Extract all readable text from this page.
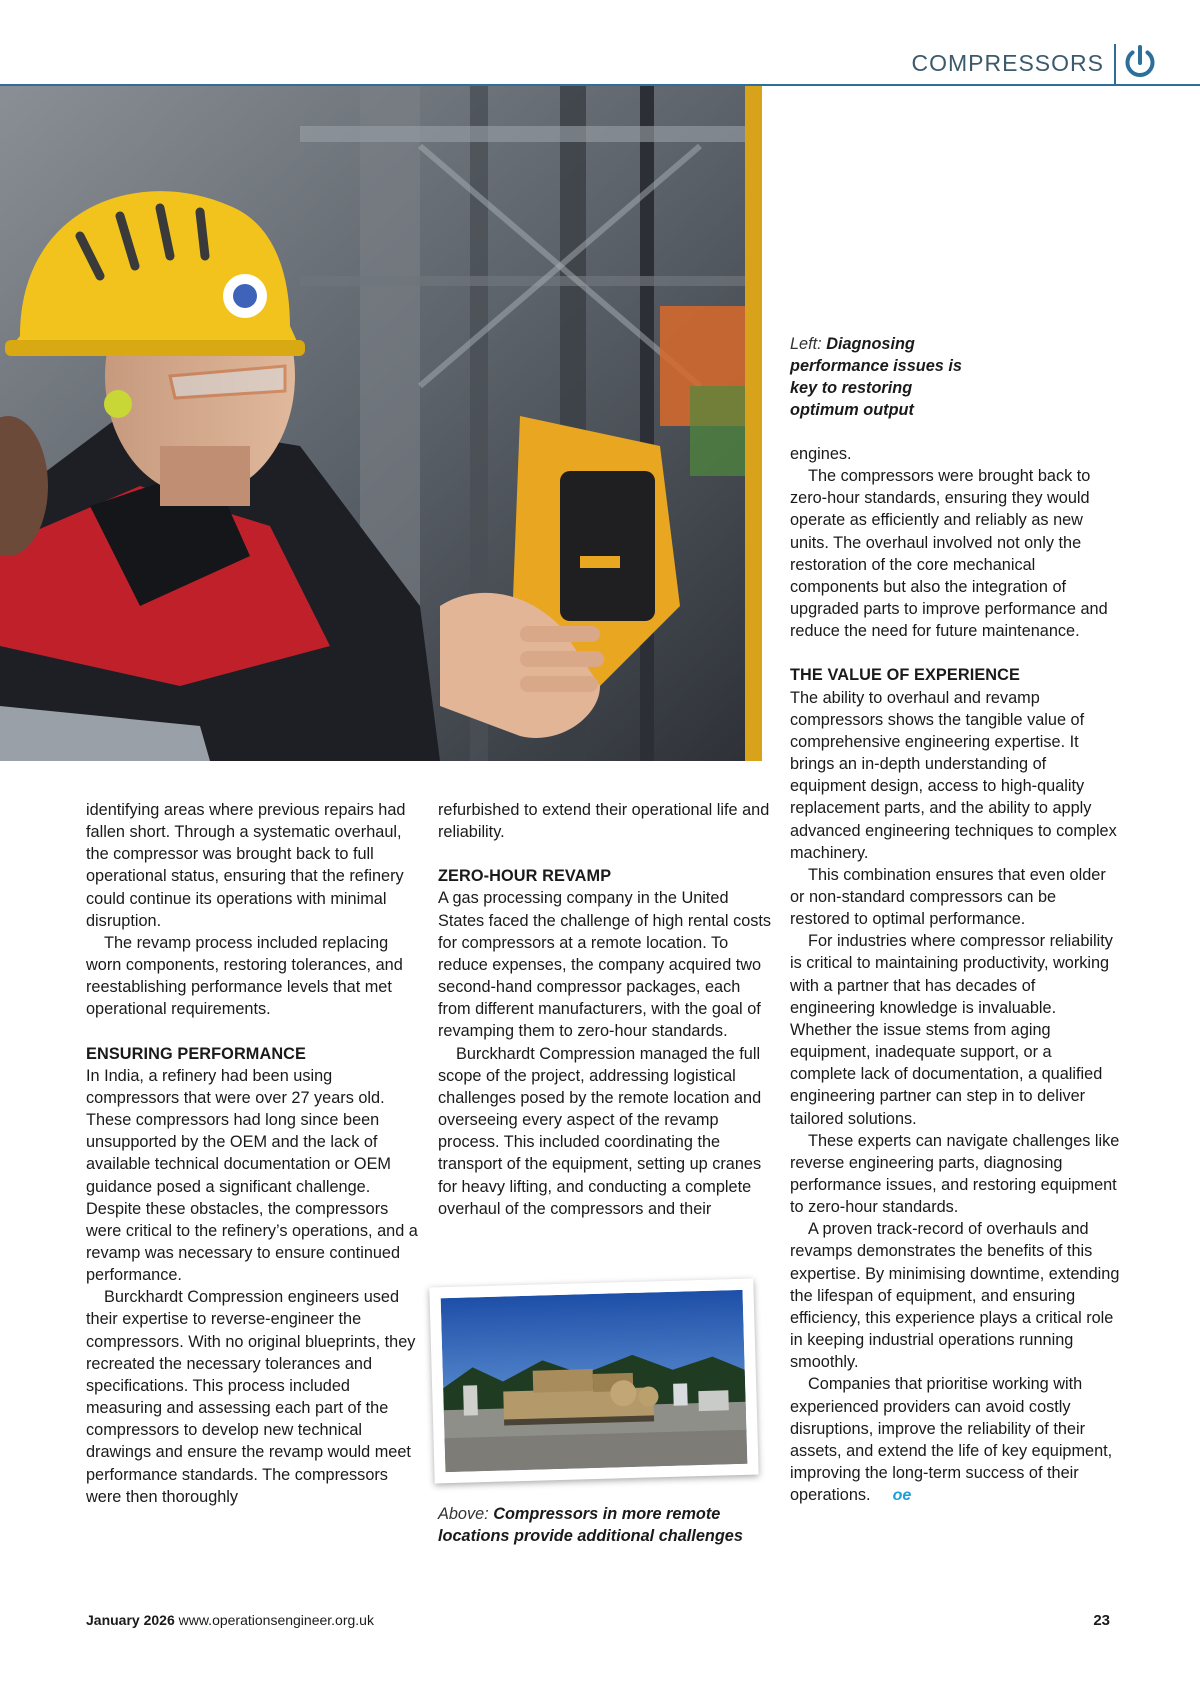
COMPRESSORS
Left: Diagnosing performance issues is key to restoring optimum output

identifying areas where previous repairs had fallen short. Through a systematic overhaul, the compressor was brought back to full operational status, ensuring that the refinery could continue its operations with minimal disruption.

The revamp process included replacing worn components, restoring tolerances, and reestablishing performance levels that met operational requirements.

ENSURING PERFORMANCE

In India, a refinery had been using compressors that were over 27 years old. These compressors had long since been unsupported by the OEM and the lack of available technical documentation or OEM guidance posed a significant challenge. Despite these obstacles, the compressors were critical to the refinery’s operations, and a revamp was necessary to ensure continued performance.

Burckhardt Compression engineers used their expertise to reverse-engineer the compressors. With no original blueprints, they recreated the necessary tolerances and specifications. This process included measuring and assessing each part of the compressors to develop new technical drawings and ensure the revamp would meet performance standards. The compressors were then thoroughly

refurbished to extend their operational life and reliability.

ZERO-HOUR REVAMP

A gas processing company in the United States faced the challenge of high rental costs for compressors at a remote location. To reduce expenses, the company acquired two second-hand compressor packages, each from different manufacturers, with the goal of revamping them to zero-hour standards.

Burckhardt Compression managed the full scope of the project, addressing logistical challenges posed by the remote location and overseeing every aspect of the revamp process. This included coordinating the transport of the equipment, setting up cranes for heavy lifting, and conducting a complete overhaul of the compressors and their

Above: Compressors in more remote locations provide additional challenges

engines.

The compressors were brought back to zero-hour standards, ensuring they would operate as efficiently and reliably as new units. The overhaul involved not only the restoration of the core mechanical components but also the integration of upgraded parts to improve performance and reduce the need for future maintenance.

THE VALUE OF EXPERIENCE

The ability to overhaul and revamp compressors shows the tangible value of comprehensive engineering expertise. It brings an in-depth understanding of equipment design, access to high-quality replacement parts, and the ability to apply advanced engineering techniques to complex machinery.

This combination ensures that even older or non-standard compressors can be restored to optimal performance.

For industries where compressor reliability is critical to maintaining productivity, working with a partner that has decades of engineering knowledge is invaluable. Whether the issue stems from aging equipment, inadequate support, or a complete lack of documentation, a qualified engineering partner can step in to deliver tailored solutions.

These experts can navigate challenges like reverse engineering parts, diagnosing performance issues, and restoring equipment to zero-hour standards.

A proven track-record of overhauls and revamps demonstrates the benefits of this expertise. By minimising downtime, extending the lifespan of equipment, and ensuring efficiency, this experience plays a critical role in keeping industrial operations running smoothly.

Companies that prioritise working with experienced providers can avoid costly disruptions, improve the reliability of their assets, and extend the life of key equipment, improving the long-term success of their operations. oe

January 2026 www.operationsengineer.org.uk	23
